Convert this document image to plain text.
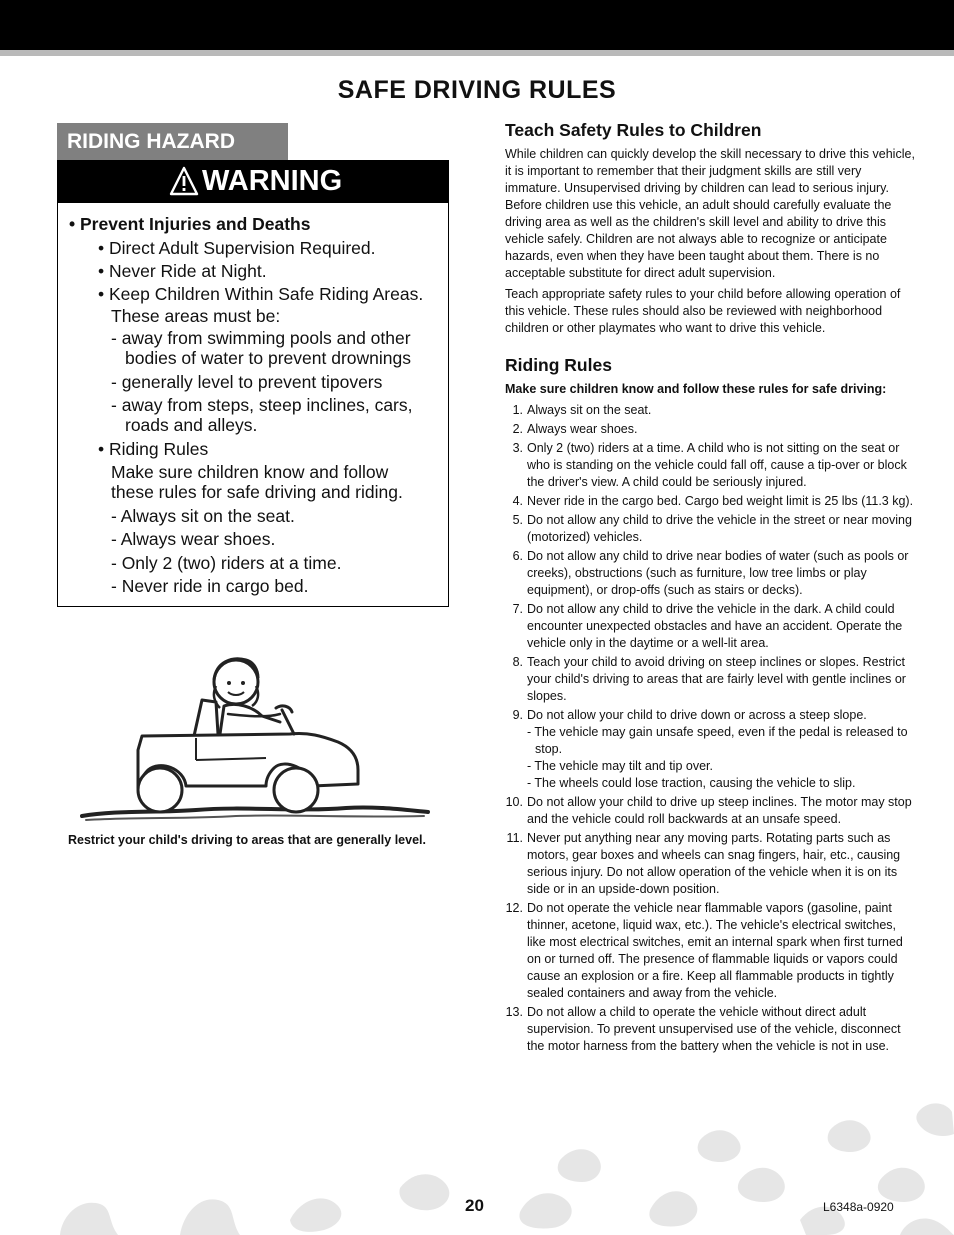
SAFE DRIVING RULES
RIDING HAZARD
WARNING
• Prevent Injuries and Deaths
• Direct Adult Supervision Required.
• Never Ride at Night.
• Keep Children Within Safe Riding Areas.
These areas must be:
- away from swimming pools and other
bodies of water to prevent drownings
- generally level to prevent tipovers
- away from steps, steep inclines, cars,
roads and alleys.
• Riding Rules
Make sure children know and follow
these rules for safe driving and riding.
- Always sit on the seat.
- Always wear shoes.
- Only 2 (two) riders at a time.
- Never ride in cargo bed.
Restrict your child's driving to areas that are generally level.
Teach Safety Rules to Children

While children can quickly develop the skill necessary to drive this vehicle, it is important to remember that their judgment skills are still very immature. Unsupervised driving by children can lead to serious injury. Before children use this vehicle, an adult should carefully evaluate the driving area as well as the children's skill level and ability to drive this vehicle safely. Children are not always able to recognize or anticipate hazards, even when they have been taught about them. There is no acceptable substitute for direct adult supervision.

Teach appropriate safety rules to your child before allowing operation of this vehicle. These rules should also be reviewed with neighborhood children or other playmates who want to drive this vehicle.

Riding Rules

Make sure children know and follow these rules for safe driving:

1. Always sit on the seat.
2. Always wear shoes.
3. Only 2 (two) riders at a time. A child who is not sitting on the seat or who is standing on the vehicle could fall off, cause a tip-over or block the driver's view. A child could be seriously injured.
4. Never ride in the cargo bed. Cargo bed weight limit is 25 lbs (11.3 kg).
5. Do not allow any child to drive the vehicle in the street or near moving (motorized) vehicles.
6. Do not allow any child to drive near bodies of water (such as pools or creeks), obstructions (such as furniture, low tree limbs or play equipment), or drop-offs (such as stairs or decks).
7. Do not allow any child to drive the vehicle in the dark. A child could encounter unexpected obstacles and have an accident. Operate the vehicle only in the daytime or a well-lit area.
8. Teach your child to avoid driving on steep inclines or slopes. Restrict your child's driving to areas that are fairly level with gentle inclines or slopes.
9. Do not allow your child to drive down or across a steep slope.
- The vehicle may gain unsafe speed, even if the pedal is released to stop.
- The vehicle may tilt and tip over.
- The wheels could lose traction, causing the vehicle to slip.
10. Do not allow your child to drive up steep inclines. The motor may stop and the vehicle could roll backwards at an unsafe speed.
11. Never put anything near any moving parts. Rotating parts such as motors, gear boxes and wheels can snag fingers, hair, etc., causing serious injury. Do not allow operation of the vehicle when it is on its side or in an upside-down position.
12. Do not operate the vehicle near flammable vapors (gasoline, paint thinner, acetone, liquid wax, etc.). The vehicle's electrical switches, like most electrical switches, emit an internal spark when first turned on or turned off. The presence of flammable liquids or vapors could cause an explosion or a fire. Keep all flammable products in tightly sealed containers and away from the vehicle.
13. Do not allow a child to operate the vehicle without direct adult supervision. To prevent unsupervised use of the vehicle, disconnect the motor harness from the battery when the vehicle is not in use.
20	L6348a-0920
